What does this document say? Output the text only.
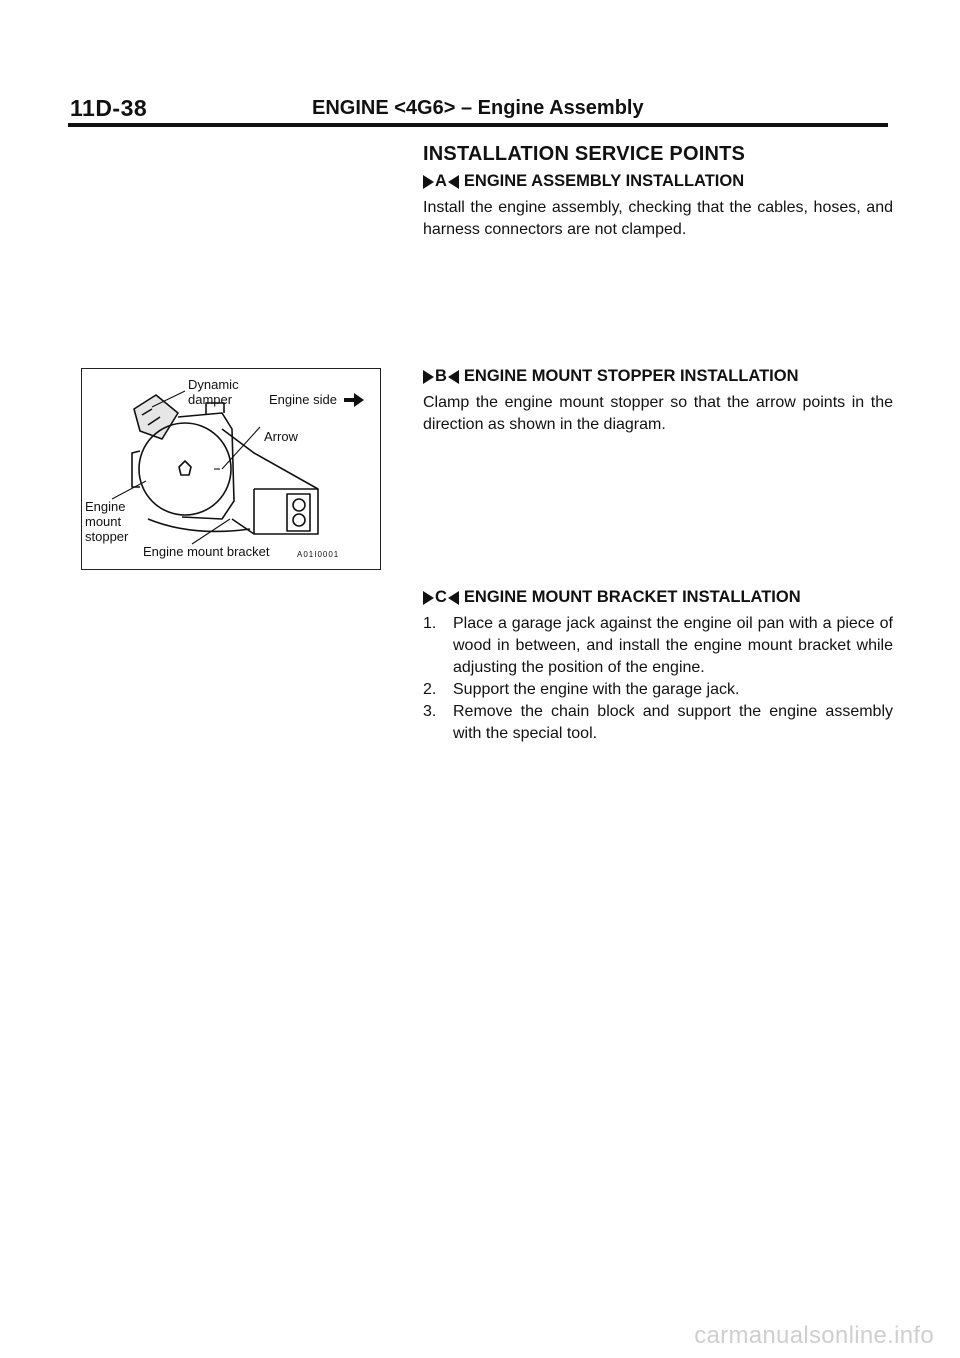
11D-38	ENGINE <4G6> – Engine Assembly
INSTALLATION SERVICE POINTS
A ENGINE ASSEMBLY INSTALLATION
Install the engine assembly, checking that the cables, hoses, and harness connectors are not clamped.
B ENGINE MOUNT STOPPER INSTALLATION
Clamp the engine mount stopper so that the arrow points in the direction as shown in the diagram.
C ENGINE MOUNT BRACKET INSTALLATION
1.	Place a garage jack against the engine oil pan with a piece of wood in between, and install the engine mount bracket while adjusting the position of the engine.
2.	Support the engine with the garage jack.
3.	Remove the chain block and support the engine assembly with the special tool.
Dynamic
damper	Engine side
Arrow
Engine
mount
stopper
Engine mount bracket	A01I0001
carmanualsonline.info
